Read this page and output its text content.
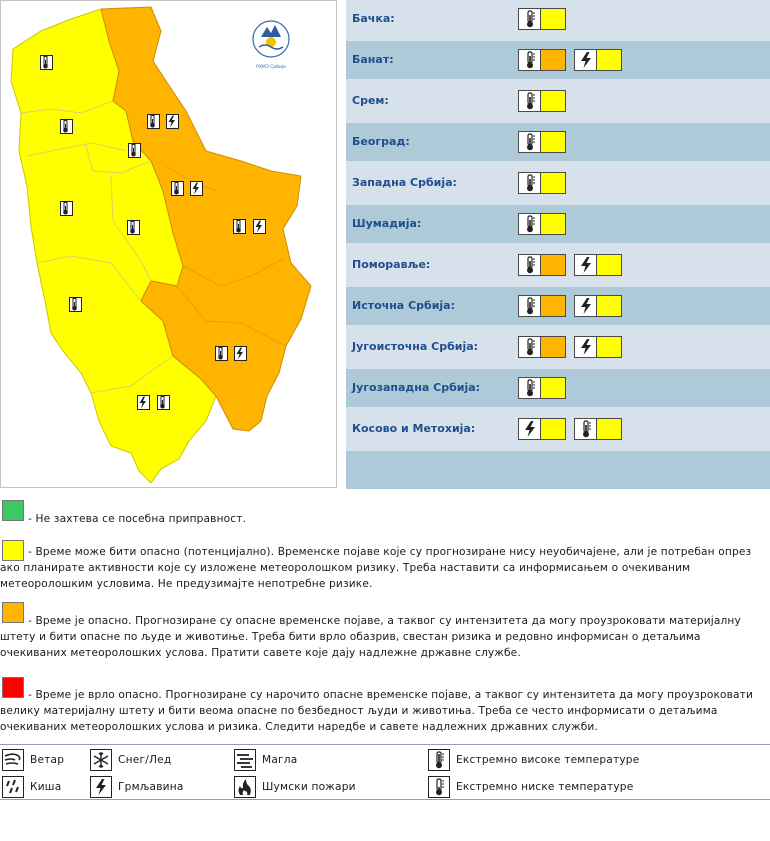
РХМЗ Србије
Бачка:
Банат:
Срем:
Београд:
Западна Србија:
Шумадија:
Поморавље:
Источна Србија:
Југоисточна Србија:
Југозападна Србија:
Косово и Метохија:
- Не захтева се посебна приправност.
- Време може бити опасно (потенцијално). Временске појаве које су прогнозиране нису неуобичајене, али је потребан опрез ако планирате активности које су изложене метеоролошком ризику. Треба наставити са информисањем о очекиваним метеоролошким условима. Не предузимајте непотребне ризике.
- Време је опасно. Прогнозиране су опасне временске појаве, а таквог су интензитета да могу проузроковати материјалну штету и бити опасне по људе и животиње. Треба бити врло обазрив, свестан ризика и редовно информисан о детаљима очекиваних метеоролошких услова. Пратити савете које дају надлежне државне службе.
- Време је врло опасно. Прогнозиране су нарочито опасне временске појаве, а таквог су интензитета да могу проузроковати велику материјалну штету и бити веома опасне по безбедност људи и животиња. Треба се често информисати о детаљима очекиваних метеоролошких услова и ризика. Следити наредбе и савете надлежних државних служби.
Ветар
Киша
Снег/Лед
Грмљавина
Магла
Шумски пожари
Екстремно високе температуре
Екстремно ниске температуре
